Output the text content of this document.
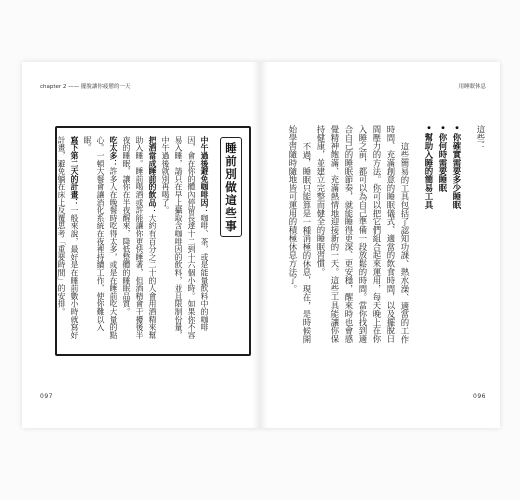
chapter 2 —— 擺脫讓你疲憊的一天
睡前別做這些事

中午過後避免咖啡因：咖啡、茶，或是能量飲料中的咖啡因，會在你的體內停留長達十二到十六個小時。如果你不容易入睡，請只在早上攝取含咖啡因的飲料，並且限制份量，中午過後就別再喝了。

把酒當成睡前的飲品：大約有百分之二十的人會用酒精來幫助入睡。睡前喝酒或許能讓你更快睡著，但酒精會干擾後半夜的睡眠，讓你在半夜醒來，降低整體的睡眠品質。

吃太多：許多人在晚餐時吃得太多，或是在睡前吃大量的點心。一頓大餐會讓消化系統在夜裡持續工作，使你難以入眠。

寫下第二天的計畫：一般來說，最好是在睡前數小時就寫好計畫，避免躺在床上反覆思考「重要時間」的安排。

097
用睡眠休息

這些：

• 你確實需要多少睡眠
• 你何時需要睡眠
• 幫助入睡的簡易工具

這些簡易的工具包括了認知功課、熱水澡、適當的工作時間、充滿創意的睡眠儀式、適當的飲食時間，以及擺脫日間壓力的方法。你可以把它們組合起來運用，每天晚上在你入睡之前，都可以為自己準備一段放鬆的時間。當你找到適合自己的睡眠節奏，就能睡得更深、更安穩，醒來時也會感覺精神飽滿、充滿熱情地迎接新的一天。這些工具能讓你保持健康，並建立完整而健全的睡眠習慣。

不過，睡眠只能算是一種消極的休息，現在，是時候開始學習隨時隨地皆可運用的積極休息方法了。

096
